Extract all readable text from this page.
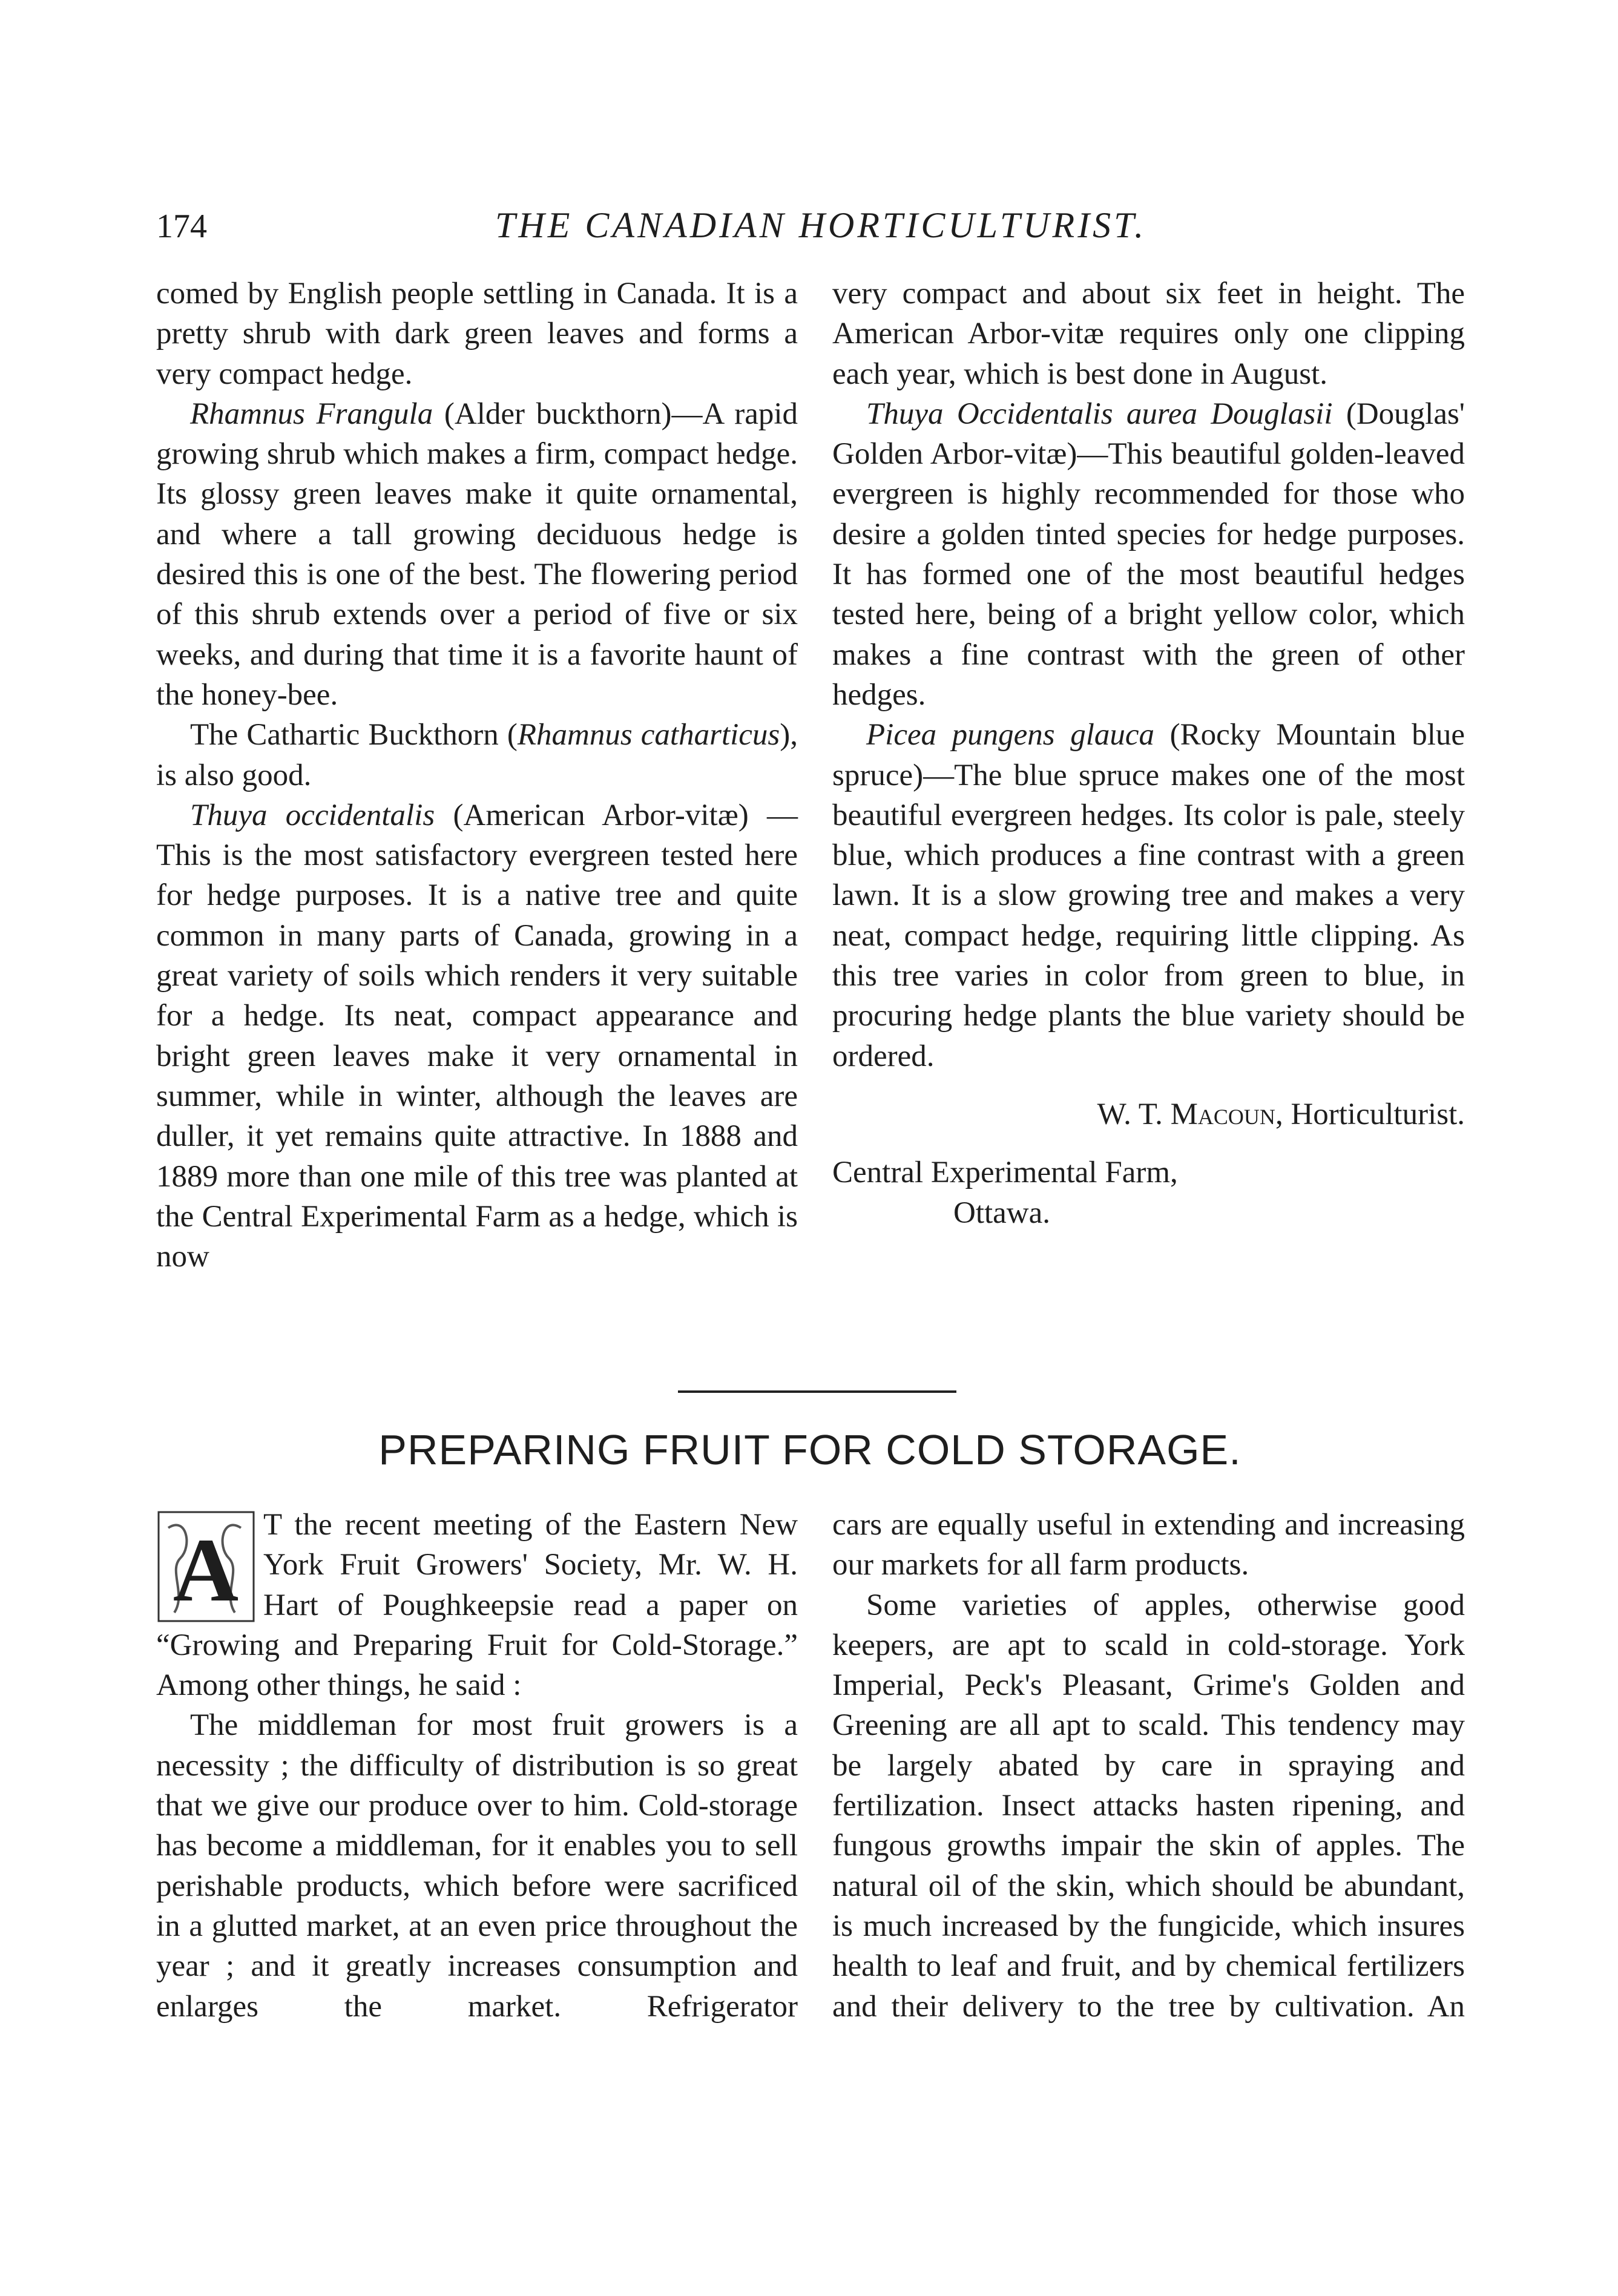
174	THE CANADIAN HORTICULTURIST.

comed by English people settling in Canada. It is a pretty shrub with dark green leaves and forms a very compact hedge.

Rhamnus Frangula (Alder buckthorn)—A rapid growing shrub which makes a firm, compact hedge. Its glossy green leaves make it quite ornamental, and where a tall growing deciduous hedge is desired this is one of the best. The flowering period of this shrub extends over a period of five or six weeks, and during that time it is a favorite haunt of the honey-bee.

The Cathartic Buckthorn (Rhamnus catharticus), is also good.

Thuya occidentalis (American Arbor-vitæ) —This is the most satisfactory evergreen tested here for hedge purposes. It is a native tree and quite common in many parts of Canada, growing in a great variety of soils which renders it very suitable for a hedge. Its neat, compact appearance and bright green leaves make it very ornamental in summer, while in winter, although the leaves are duller, it yet remains quite attractive. In 1888 and 1889 more than one mile of this tree was planted at the Central Experimental Farm as a hedge, which is now

very compact and about six feet in height. The American Arbor-vitæ requires only one clipping each year, which is best done in August.

Thuya Occidentalis aurea Douglasii (Douglas' Golden Arbor-vitæ)—This beautiful golden-leaved evergreen is highly recommended for those who desire a golden tinted species for hedge purposes. It has formed one of the most beautiful hedges tested here, being of a bright yellow color, which makes a fine contrast with the green of other hedges.

Picea pungens glauca (Rocky Mountain blue spruce)—The blue spruce makes one of the most beautiful evergreen hedges. Its color is pale, steely blue, which produces a fine contrast with a green lawn. It is a slow growing tree and makes a very neat, compact hedge, requiring little clipping. As this tree varies in color from green to blue, in procuring hedge plants the blue variety should be ordered.

W. T. Macoun, Horticulturist.

Central Experimental Farm,

Ottawa.

PREPARING FRUIT FOR COLD STORAGE.
A T the recent meeting of the Eastern New York Fruit Growers' Society, Mr. W. H. Hart of Poughkeepsie read a paper on “Growing and Preparing Fruit for Cold-Storage.” Among other things, he said :

The middleman for most fruit growers is a necessity ; the difficulty of distribution is so great that we give our produce over to him. Cold-storage has become a middleman, for it enables you to sell perishable products, which before were sacrificed in a glutted market, at an even price throughout the year ; and it greatly increases consumption and enlarges the market. Refrigerator

cars are equally useful in extending and increasing our markets for all farm products.

Some varieties of apples, otherwise good keepers, are apt to scald in cold-storage. York Imperial, Peck's Pleasant, Grime's Golden and Greening are all apt to scald. This tendency may be largely abated by care in spraying and fertilization. Insect attacks hasten ripening, and fungous growths impair the skin of apples. The natural oil of the skin, which should be abundant, is much increased by the fungicide, which insures health to leaf and fruit, and by chemical fertilizers and their delivery to the tree by cultivation. An
